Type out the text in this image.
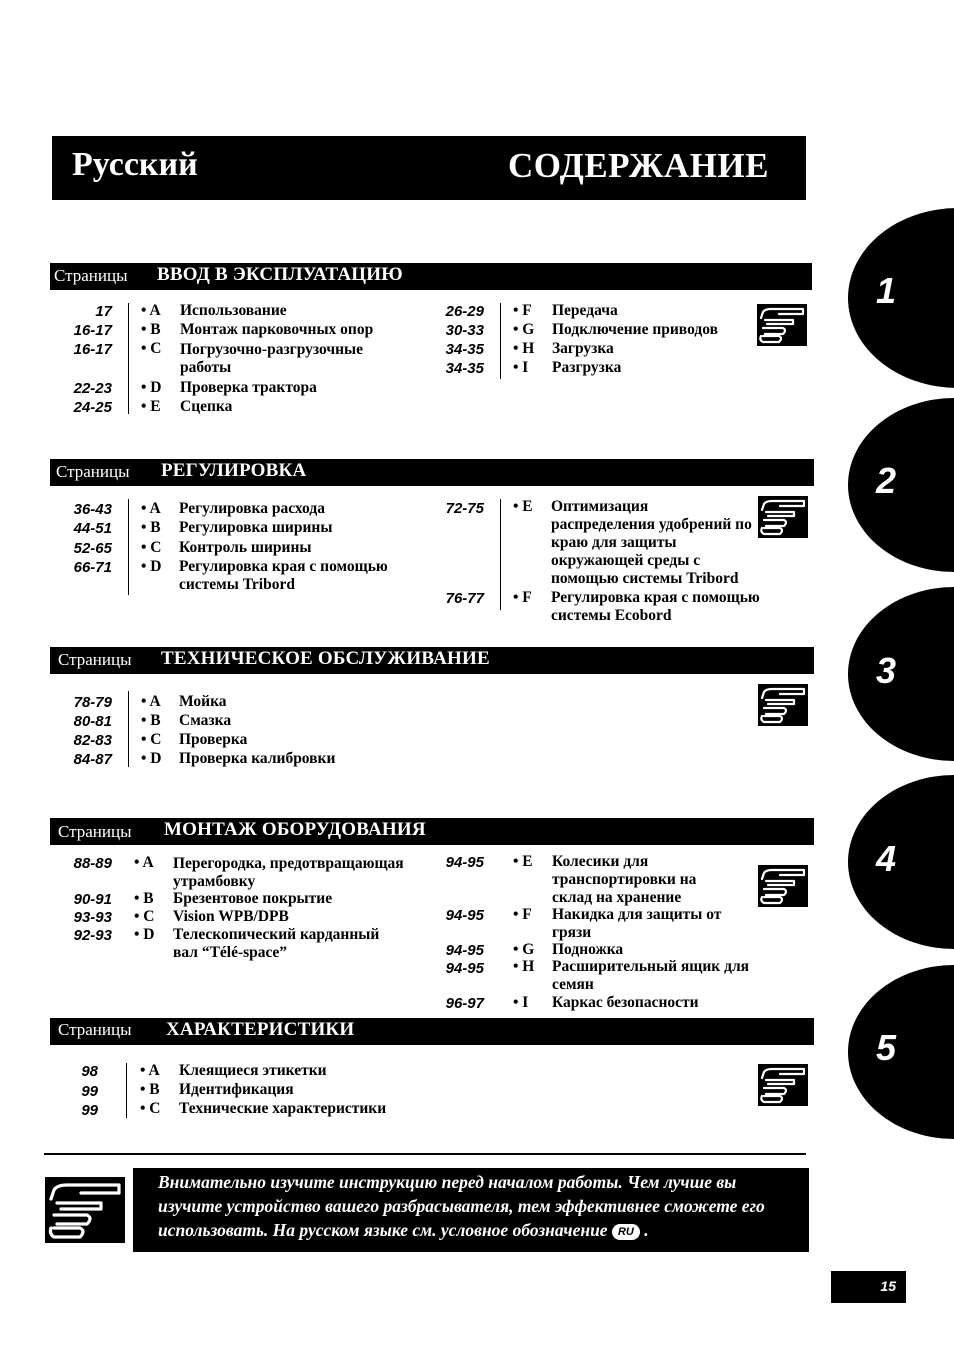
Русский	СОДЕРЖАНИЕ
Страницы ВВОД В ЭКСПЛУАТАЦИЮ
17 • A Использование
16-17 • B Монтаж парковочных опор
16-17 • C Погрузочно-разгрузочные работы
22-23 • D Проверка трактора
24-25 • E Сцепка
26-29 • F Передача
30-33 • G Подключение приводов
34-35 • H Загрузка
34-35 • I Разгрузка
Страницы РЕГУЛИРОВКА
36-43 • A Регулировка расхода
44-51 • B Регулировка ширины
52-65 • C Контроль ширины
66-71 • D Регулировка края с помощью системы Tribord
72-75 • E Оптимизация распределения удобрений по краю для защиты окружающей среды с помощью системы Tribord
76-77 • F Регулировка края с помощью системы Ecobord
Страницы ТЕХНИЧЕСКОЕ ОБСЛУЖИВАНИЕ
78-79 • A Мойка
80-81 • B Смазка
82-83 • C Проверка
84-87 • D Проверка калибровки
Страницы МОНТАЖ ОБОРУДОВАНИЯ
88-89 • A Перегородка, предотвращающая утрамбовку
90-91 • B Брезентовое покрытие
93-93 • C Vision WPB/DPB
92-93 • D Телескопический карданный вал “Télé-space”
94-95 • E Колесики для транспортировки на склад на хранение
94-95 • F Накидка для защиты от грязи
94-95 • G Подножка
94-95 • H Расширительный ящик для семян
96-97 • I Каркас безопасности
Страницы ХАРАКТЕРИСТИКИ
98	• A Клеящиеся этикетки
99	• B Идентификация
99	• C Технические характеристики
1
2
3
4
5
Внимательно изучите инструкцию перед началом работы. Чем лучше вы изучите устройство вашего разбрасывателя, тем эффективнее сможете его использовать. На русском языке см. условное обозначение RU .
15
